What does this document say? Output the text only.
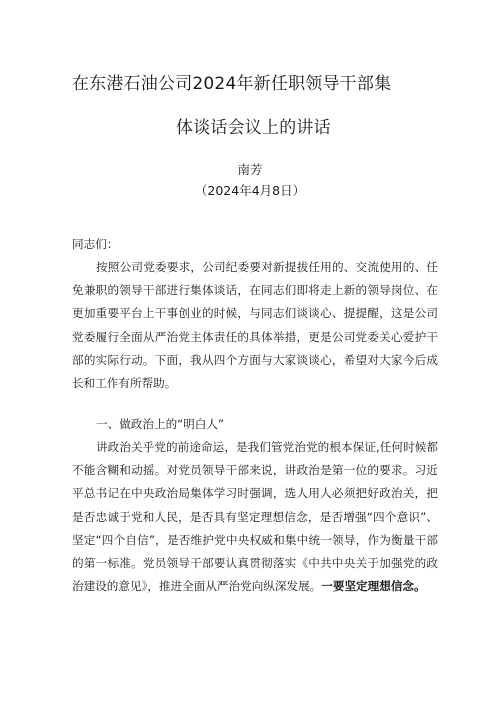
在东港石油公司2024年新任职领导干部集
体谈话会议上的讲话
南芳
（2024年4月8日）
同志们：
按照公司党委要求，公司纪委要对新提拔任用的、交流使用的、任免兼职的领导干部进行集体谈话，在同志们即将走上新的领导岗位、在更加重要平台上干事创业的时候，与同志们谈谈心、提提醒，这是公司党委履行全面从严治党主体责任的具体举措，更是公司党委关心爱护干部的实际行动。下面，我从四个方面与大家谈谈心，希望对大家今后成长和工作有所帮助。
一、做政治上的“明白人”
讲政治关乎党的前途命运，是我们管党治党的根本保证,任何时候都不能含糊和动摇。对党员领导干部来说，讲政治是第一位的要求。习近平总书记在中央政治局集体学习时强调，选人用人必须把好政治关，把是否忠诚于党和人民，是否具有坚定理想信念，是否增强“四个意识”、坚定“四个自信”，是否维护党中央权威和集中统一领导，作为衡量干部的第一标准。党员领导干部要认真贯彻落实《中共中央关于加强党的政治建设的意见》，推进全面从严治党向纵深发展。一要坚定理想信念。
